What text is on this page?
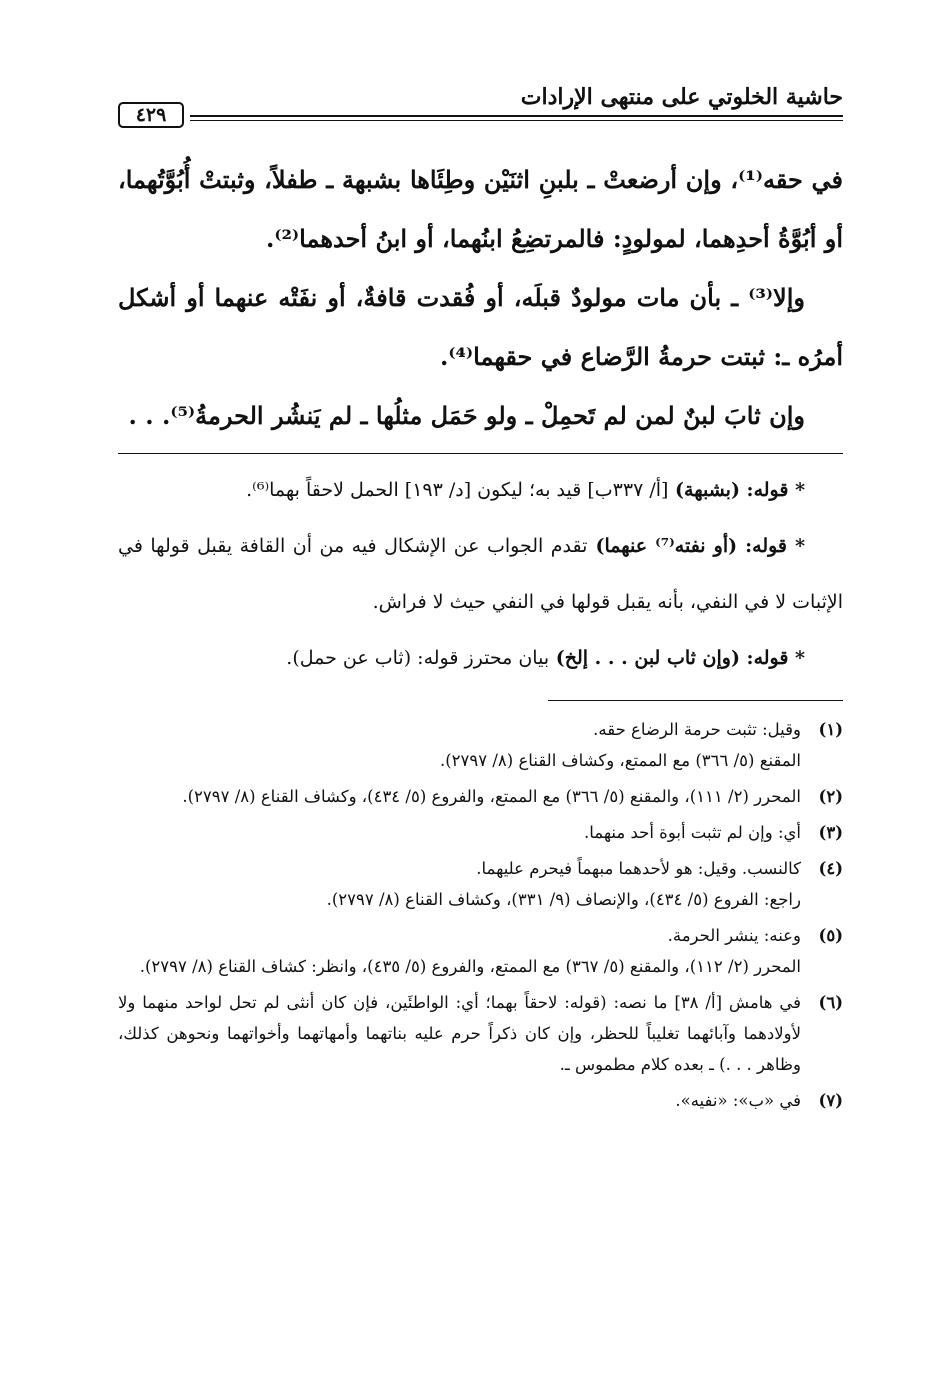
حاشية الخلوتي على منتهى الإرادات
٤٢٩

في حقه⁽¹⁾، وإن أرضعتْ ـ بلبنِ اثنَيْن وطِئَاها بشبهة ـ طفلاً، وثبتتْ أُبُوَّتُهما، أو أبُوَّةُ أحدِهما، لمولودٍ: فالمرتضِعُ ابنُهما، أو ابنُ أحدهما⁽²⁾.

وإلا⁽³⁾ ـ بأن مات مولودٌ قبلَه، أو فُقدت قافةٌ، أو نفَتْه عنهما أو أشكل أمرُه ـ: ثبتت حرمةُ الرَّضاع في حقهما⁽⁴⁾.

وإن ثابَ لبنٌ لمن لم تَحمِلْ ـ ولو حَمَل مثلُها ـ لم يَنشُر الحرمةُ⁽⁵⁾. . .

* قوله: (بشبهة) [أ/ ٣٣٧ب] قيد به؛ ليكون [د/ ١٩٣] الحمل لاحقاً بهما⁽⁶⁾.

* قوله: (أو نفته⁽⁷⁾ عنهما) تقدم الجواب عن الإشكال فيه من أن القافة يقبل قولها في الإثبات لا في النفي، بأنه يقبل قولها في النفي حيث لا فراش.

* قوله: (وإن ثاب لبن . . . إلخ) بيان محترز قوله: (ثاب عن حمل).

(١)
وقيل: تثبت حرمة الرضاع حقه.
المقنع (٥/ ٣٦٦) مع الممتع، وكشاف القناع (٨/ ٢٧٩٧).
(٢)
المحرر (٢/ ١١١)، والمقنع (٥/ ٣٦٦) مع الممتع، والفروع (٥/ ٤٣٤)، وكشاف القناع (٨/ ٢٧٩٧).
(٣)
أي: وإن لم تثبت أبوة أحد منهما.
(٤)
كالنسب. وقيل: هو لأحدهما مبهماً فيحرم عليهما.
راجع: الفروع (٥/ ٤٣٤)، والإنصاف (٩/ ٣٣١)، وكشاف القناع (٨/ ٢٧٩٧).
(٥)
وعنه: ينشر الحرمة.
المحرر (٢/ ١١٢)، والمقنع (٥/ ٣٦٧) مع الممتع، والفروع (٥/ ٤٣٥)، وانظر: كشاف القناع (٨/ ٢٧٩٧).
(٦)
في هامش [أ/ ٣٨] ما نصه: (قوله: لاحقاً بهما؛ أي: الواطئَين، فإن كان أنثى لم تحل لواحد منهما ولا لأولادهما وآبائهما تغليباً للحظر، وإن كان ذكراً حرم عليه بناتهما وأمهاتهما وأخواتهما ونحوهن كذلك، وظاهر . . .) ـ بعده كلام مطموس ـ.
(٧)
في «ب»: «نفيه».
